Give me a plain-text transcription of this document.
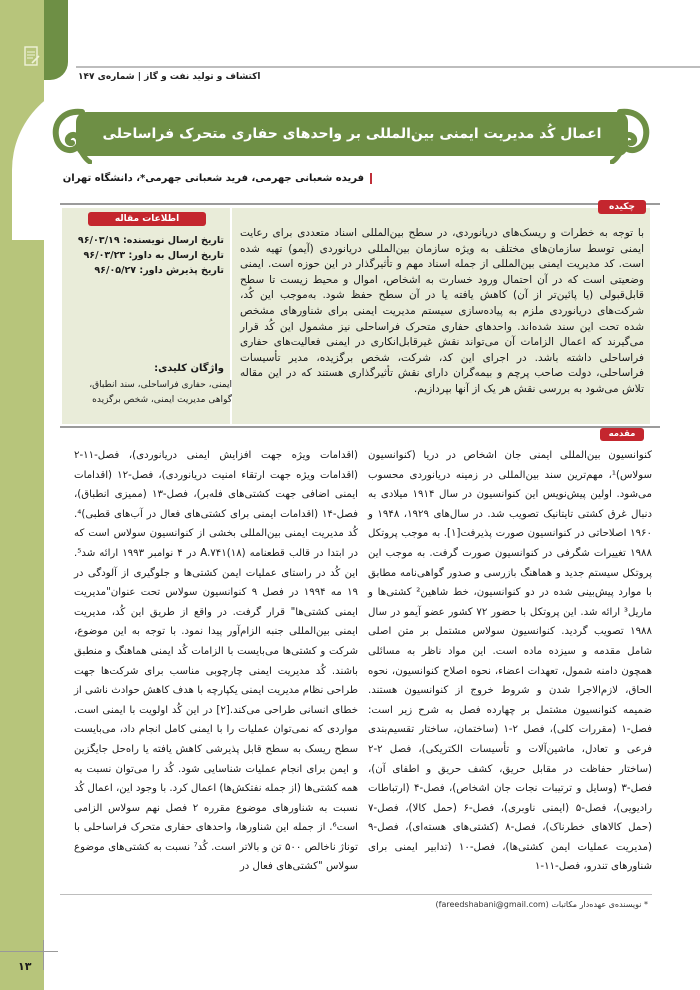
اکتشاف و تولید نفت و گاز | شماره‌ی ۱۴۷
اعمال کُد مدیریت ایمنی بین‌المللی بر واحدهای حفاری متحرک فراساحلی
فریده شعبانی جهرمی، فرید شعبانی جهرمی*، دانشگاه تهران
اطلاعات مقاله
تاریخ ارسال نویسنده: ۹۶/۰۳/۱۹
تاریخ ارسال به داور: ۹۶/۰۳/۲۳
تاریخ پذیرش داور: ۹۶/۰۵/۲۷
واژگان کلیدی:
ایمنی، حفاری فراساحلی، سند انطباق، گواهی مدیریت ایمنی، شخص برگزیده
چکیده
با توجه به خطرات و ریسک‌های دریانوردی، در سطح بین‌المللی اسناد متعددی برای رعایت ایمنی توسط سازمان‌های مختلف به ویژه سازمان بین‌المللی دریانوردی (آیمو) تهیه شده است. کد مدیریت ایمنی بین‌المللی از جمله اسناد مهم و تأثیرگذار در این حوزه است. ایمنی وضعیتی است که در آن احتمال ورود خسارت به اشخاص، اموال و محیط زیست تا سطح قابل‌قبولی (یا پائین‌تر از آن) کاهش یافته یا در آن سطح حفظ شود. به‌موجب این کُد، شرکت‌های دریانوردی ملزم به پیاده‌سازی سیستم مدیریت ایمنی برای شناورهای مشخص شده تحت این سند شده‌اند. واحدهای حفاری متحرک فراساحلی نیز مشمول این کُد قرار می‌گیرند که اعمال الزامات آن می‌تواند نقش غیرقابل‌انکاری در ایمنی فعالیت‌های حفاری فراساحلی داشته باشد. در اجرای این کد، شرکت، شخص برگزیده، مدیر تأسیسات فراساحلی، دولت صاحب پرچم و بیمه‌گران دارای نقش تأثیرگذاری هستند که در این مقاله تلاش می‌شود به بررسی نقش هر یک از آنها بپردازیم.
مقدمه
کنوانسیون بین‌المللی ایمنی جان اشخاص در دریا (کنوانسیون سولاس)¹، مهم‌ترین سند بین‌المللی در زمینه دریانوردی محسوب می‌شود. اولین پیش‌نویس این کنوانسیون در سال ۱۹۱۴ میلادی به دنبال غرق کشتی تایتانیک تصویب شد. در سال‌های ۱۹۲۹، ۱۹۴۸ و ۱۹۶۰ اصلاحاتی در کنوانسیون صورت پذیرفت[۱]. به موجب پروتکل ۱۹۸۸ تغییرات شگرفی در کنوانسیون صورت گرفت. به موجب این پروتکل سیستم جدید و هماهنگ بازرسی و صدور گواهی‌نامه مطابق با موارد پیش‌بینی شده در دو کنوانسیون، خط شاهین² کشتی‌ها و ماریل³ ارائه شد. این پروتکل با حضور ۷۲ کشور عضو آیمو در سال ۱۹۸۸ تصویب گردید. کنوانسیون سولاس مشتمل بر متن اصلی شامل مقدمه و سیزده ماده است. این مواد ناظر به مسائلی همچون دامنه شمول، تعهدات اعضاء، نحوه اصلاح کنوانسیون، نحوه الحاق، لازم‌الاجرا شدن و شروط خروج از کنوانسیون هستند. ضمیمه کنوانسیون مشتمل بر چهارده فصل به شرح زیر است: فصل-۱ (مقررات کلی)، فصل ۲-۱ (ساختمان، ساختار تقسیم‌بندی فرعی و تعادل، ماشین‌آلات و تأسیسات الکتریکی)، فصل ۲-۲ (ساختار حفاظت در مقابل حریق، کشف حریق و اطفای آن)، فصل-۳ (وسایل و ترتیبات نجات جان اشخاص)، فصل-۴ (ارتباطات رادیویی)، فصل-۵ (ایمنی ناوبری)، فصل-۶ (حمل کالا)، فصل-۷ (حمل کالاهای خطرناک)، فصل-۸ (کشتی‌های هسته‌ای)، فصل-۹ (مدیریت عملیات ایمن کشتی‌ها)، فصل-۱۰ (تدابیر ایمنی برای شناورهای تندرو، فصل-۱۱-۱
(اقدامات ویژه جهت افزایش ایمنی دریانوردی)، فصل-۱۱-۲ (اقدامات ویژه جهت ارتقاء امنیت دریانوردی)، فصل-۱۲ (اقدامات ایمنی اضافی جهت کشتی‌های فله‌بر)، فصل-۱۳ (ممیزی انطباق)، فصل-۱۴ (اقدامات ایمنی برای کشتی‌های فعال در آب‌های قطبی)⁴. کُد مدیریت ایمنی بین‌المللی بخشی از کنوانسیون سولاس است که در ابتدا در قالب قطعنامه (۱۸)A.۷۴۱ در ۴ نوامبر ۱۹۹۳ ارائه شد⁵. این کُد در راستای عملیات ایمن کشتی‌ها و جلوگیری از آلودگی در ۱۹ مه ۱۹۹۴ در فصل ۹ کنوانسیون سولاس تحت عنوان"مدیریت ایمنی کشتی‌ها" قرار گرفت. در واقع از طریق این کُد، مدیریت ایمنی بین‌المللی جنبه الزام‌آور پیدا نمود. با توجه به این موضوع، شرکت و کشتی‌ها می‌بایست با الزامات کُد ایمنی هماهنگ و منطبق باشند. کُد مدیریت ایمنی چارچوبی مناسب برای شرکت‌ها جهت طراحی نظام مدیریت ایمنی یکپارچه با هدف کاهش حوادث ناشی از خطای انسانی طراحی می‌کند.[۲] در این کُد اولویت با ایمنی است. مواردی که نمی‌توان عملیات را با ایمنی کامل انجام داد، می‌بایست سطح ریسک به سطح قابل پذیرشی کاهش یافته یا راه‌حل جایگزین و ایمن برای انجام عملیات شناسایی شود. کُد را می‌توان نسبت به همه کشتی‌ها (از جمله نفتکش‌ها) اعمال کرد. با وجود این، اعمال کُد نسبت به شناورهای موضوع مقرره ۲ فصل نهم سولاس الزامی است⁶. از جمله این شناورها، واحدهای حفاری متحرک فراساحلی با توناژ ناخالص ۵۰۰ تن و بالاتر است. کُد⁷ نسبت به کشتی‌های موضوع سولاس "کشتی‌های فعال در
* نویسنده‌ی عهده‌دار مکاتبات (fareedshabani@gmail.com)
۱۳
